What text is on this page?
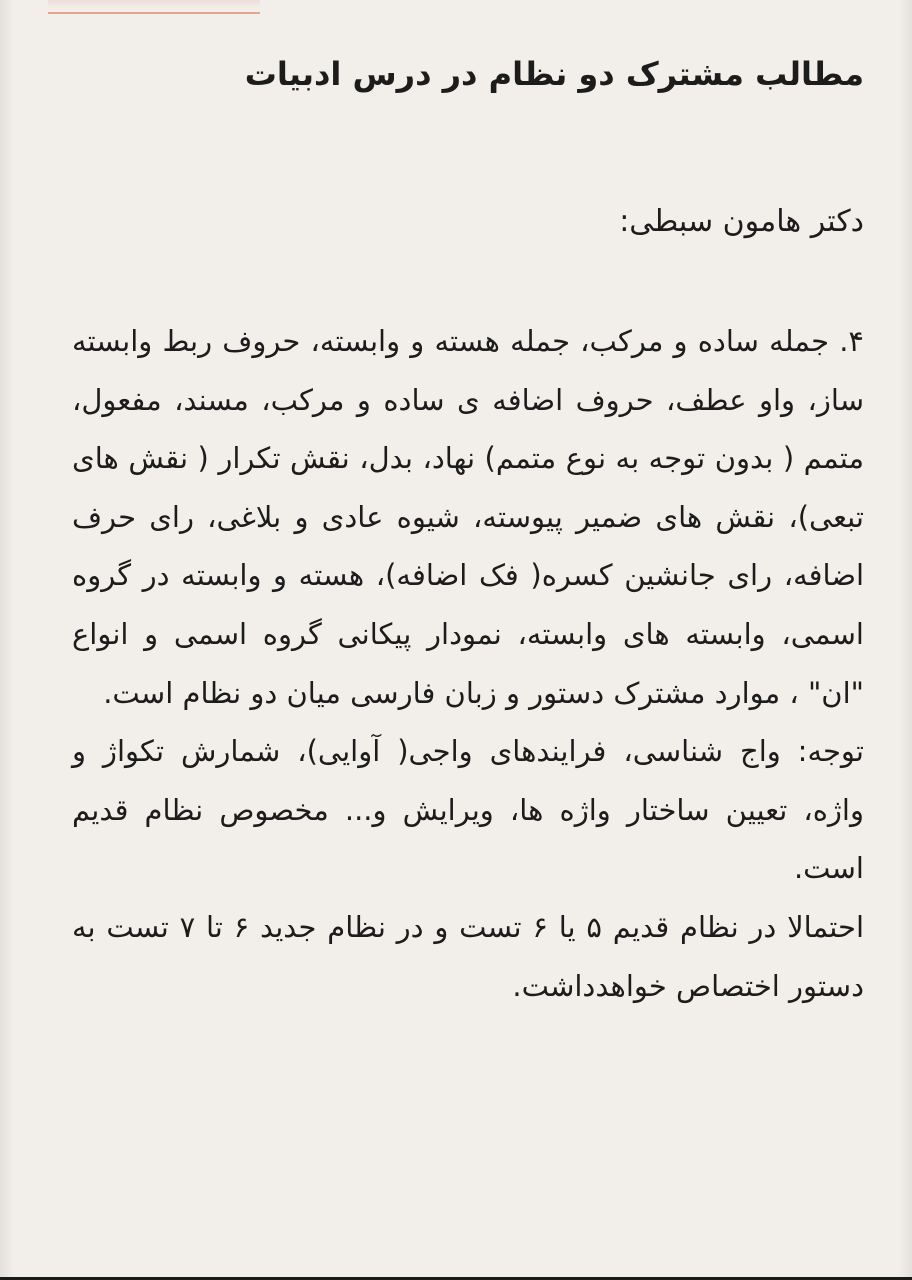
مطالب مشترک دو نظام در درس ادبیات

دکتر هامون سبطی:

۴. جمله ساده و مرکب، جمله هسته و وابسته، حروف ربط وابسته ساز، واو عطف، حروف اضافه ی ساده و مرکب، مسند، مفعول، متمم ( بدون توجه به نوع متمم) نهاد، بدل، نقش تکرار ( نقش های تبعی)، نقش های ضمیر پیوسته، شیوه عادی و بلاغی، رای حرف اضافه، رای جانشین کسره( فک اضافه)، هسته و وابسته در گروه اسمی، وابسته های وابسته، نمودار پیکانی گروه اسمی و انواع "ان" ، موارد مشترک دستور و زبان فارسی میان دو نظام است.
توجه: واج شناسی، فرایندهای واجی( آوایی)، شمارش تکواژ و واژه، تعیین ساختار واژه ها، ویرایش و... مخصوص نظام قدیم است.
احتمالا در نظام قدیم ۵ یا ۶ تست و در نظام جدید ۶ تا ۷ تست به دستور اختصاص خواهدداشت.
